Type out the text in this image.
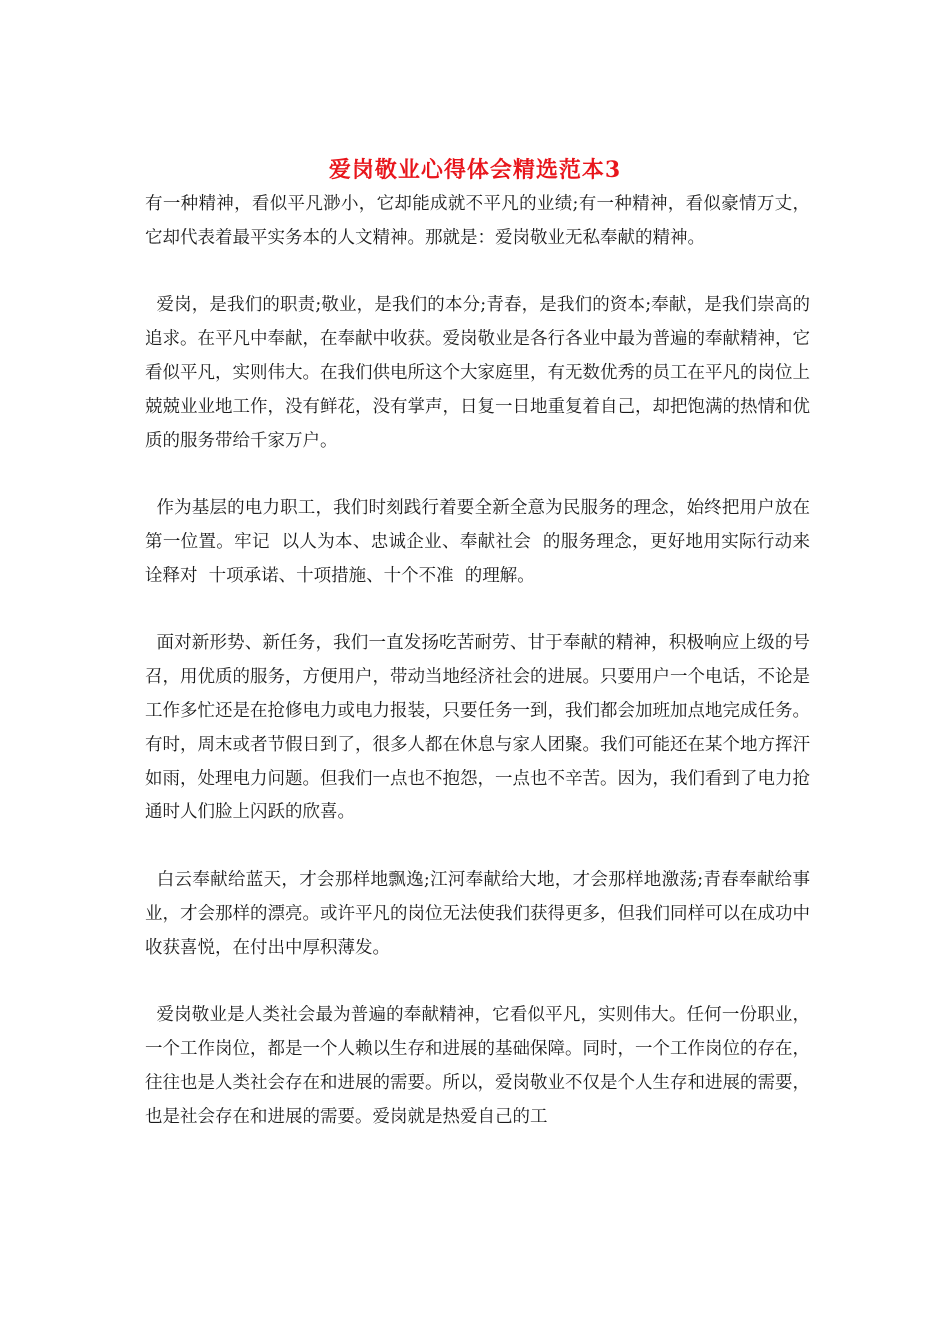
爱岗敬业心得体会精选范本3

有一种精神，看似平凡渺小，它却能成就不平凡的业绩;有一种精神，看似豪情万丈，它却代表着最平实务本的人文精神。那就是：爱岗敬业无私奉献的精神。

爱岗，是我们的职责;敬业，是我们的本分;青春，是我们的资本;奉献，是我们崇高的追求。在平凡中奉献，在奉献中收获。爱岗敬业是各行各业中最为普遍的奉献精神，它看似平凡，实则伟大。在我们供电所这个大家庭里，有无数优秀的员工在平凡的岗位上兢兢业业地工作，没有鲜花，没有掌声，日复一日地重复着自己，却把饱满的热情和优质的服务带给千家万户。

作为基层的电力职工，我们时刻践行着要全新全意为民服务的理念，始终把用户放在第一位置。牢记  以人为本、忠诚企业、奉献社会  的服务理念，更好地用实际行动来诠释对  十项承诺、十项措施、十个不准  的理解。

面对新形势、新任务，我们一直发扬吃苦耐劳、甘于奉献的精神，积极响应上级的号召，用优质的服务，方便用户，带动当地经济社会的进展。只要用户一个电话，不论是工作多忙还是在抢修电力或电力报装，只要任务一到，我们都会加班加点地完成任务。有时，周末或者节假日到了，很多人都在休息与家人团聚。我们可能还在某个地方挥汗如雨，处理电力问题。但我们一点也不抱怨，一点也不辛苦。因为，我们看到了电力抢通时人们脸上闪跃的欣喜。

白云奉献给蓝天，才会那样地飘逸;江河奉献给大地，才会那样地激荡;青春奉献给事业，才会那样的漂亮。或许平凡的岗位无法使我们获得更多，但我们同样可以在成功中收获喜悦，在付出中厚积薄发。

爱岗敬业是人类社会最为普遍的奉献精神，它看似平凡，实则伟大。任何一份职业，一个工作岗位，都是一个人赖以生存和进展的基础保障。同时，一个工作岗位的存在，往往也是人类社会存在和进展的需要。所以，爱岗敬业不仅是个人生存和进展的需要，也是社会存在和进展的需要。爱岗就是热爱自己的工
